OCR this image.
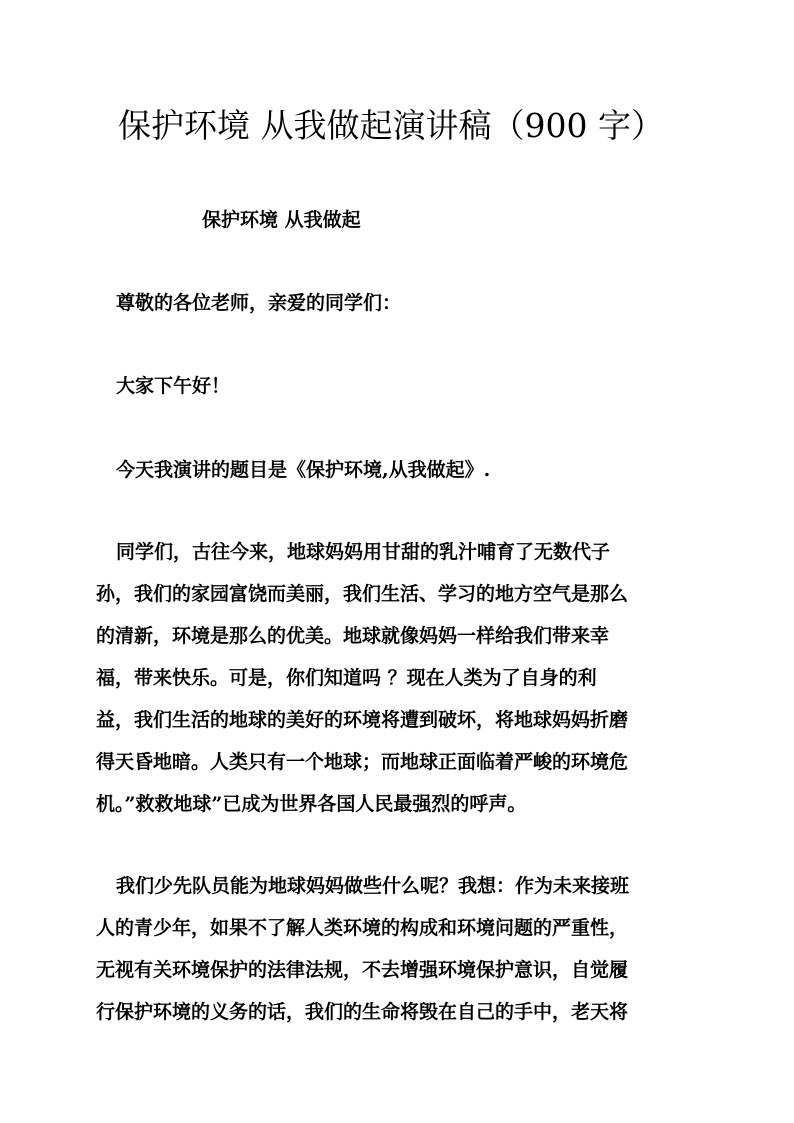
保护环境 从我做起演讲稿（900 字）
保护环境 从我做起
尊敬的各位老师，亲爱的同学们：
大家下午好！
今天我演讲的题目是《保护环境,从我做起》.
同学们，古往今来，地球妈妈用甘甜的乳汁哺育了无数代子
孙，我们的家园富饶而美丽，我们生活、学习的地方空气是那么
的清新，环境是那么的优美。地球就像妈妈一样给我们带来幸
福，带来快乐。可是，你们知道吗 ？现在人类为了自身的利
益，我们生活的地球的美好的环境将遭到破坏，将地球妈妈折磨
得天昏地暗。人类只有一个地球；而地球正面临着严峻的环境危
机。”救救地球”已成为世界各国人民最强烈的呼声。
我们少先队员能为地球妈妈做些什么呢？我想：作为未来接班
人的青少年，如果不了解人类环境的构成和环境问题的严重性，
无视有关环境保护的法律法规，不去增强环境保护意识，自觉履
行保护环境的义务的话，我们的生命将毁在自己的手中，老天将
